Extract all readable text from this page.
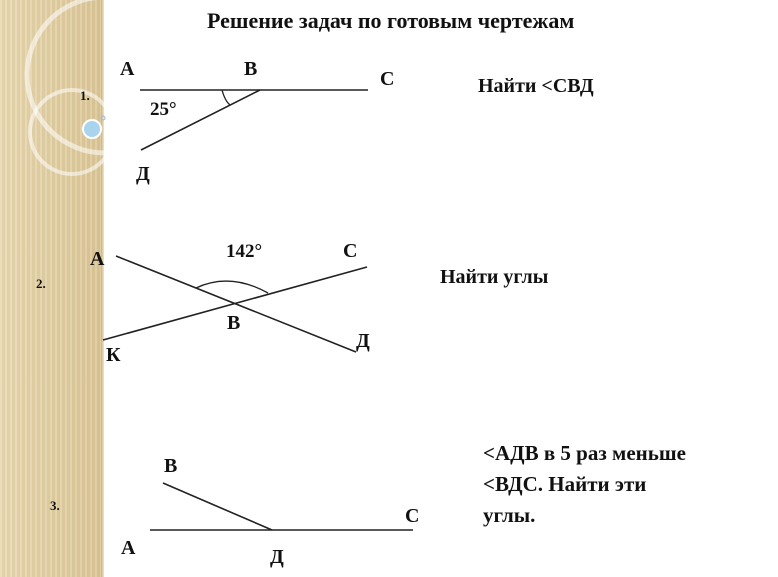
Решение задач по готовым чертежам
1.
А	В	С
Д
25°
Найти <СВД
2.
А	С
В
Д
К
142°
Найти углы
3.
В
С
А	Д
<АДВ в 5 раз меньше
<ВДС. Найти эти
углы.
